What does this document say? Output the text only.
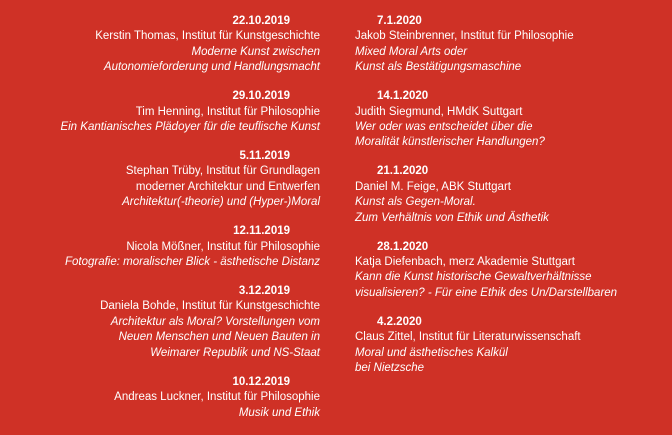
22.10.2019
Kerstin Thomas, Institut für Kunstgeschichte
Moderne Kunst zwischen
Autonomieforderung und Handlungsmacht
29.10.2019
Tim Henning, Institut für Philosophie
Ein Kantianisches Plädoyer für die teuflische Kunst
5.11.2019
Stephan Trüby, Institut für Grundlagen
moderner Architektur und Entwerfen
Architektur(-theorie) und (Hyper-)Moral
12.11.2019
Nicola Mößner, Institut für Philosophie
Fotografie: moralischer Blick - ästhetische Distanz
3.12.2019
Daniela Bohde, Institut für Kunstgeschichte
Architektur als Moral? Vorstellungen vom
Neuen Menschen und Neuen Bauten in
Weimarer Republik und NS-Staat
10.12.2019
Andreas Luckner, Institut für Philosophie
Musik und Ethik
7.1.2020
Jakob Steinbrenner, Institut für Philosophie
Mixed Moral Arts oder
Kunst als Bestätigungsmaschine
14.1.2020
Judith Siegmund, HMdK Suttgart
Wer oder was entscheidet über die
Moralität künstlerischer Handlungen?
21.1.2020
Daniel M. Feige, ABK Stuttgart
Kunst als Gegen-Moral.
Zum Verhältnis von Ethik und Ästhetik
28.1.2020
Katja Diefenbach, merz Akademie Stuttgart
Kann die Kunst historische Gewaltverhältnisse
visualisieren? - Für eine Ethik des Un/Darstellbaren
4.2.2020
Claus Zittel, Institut für Literaturwissenschaft
Moral und ästhetisches Kalkül
bei Nietzsche
